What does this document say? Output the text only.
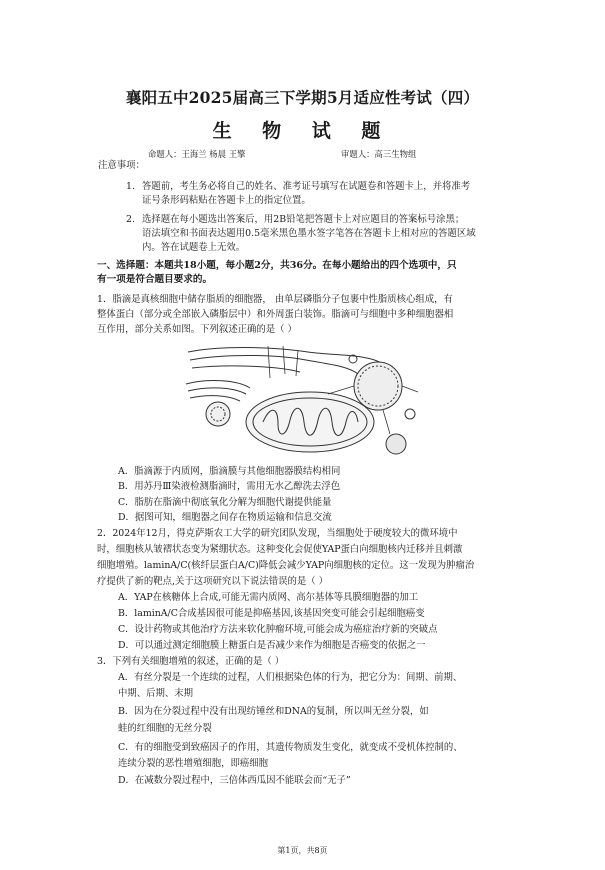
襄阳五中2025届高三下学期5月适应性考试（四）
生 物 试 题
命题人：王海兰 杨晨 王擎	审题人：高三生物组
注意事项：
1. 答题前，考生务必将自己的姓名、准考证号填写在试题卷和答题卡上，并将准考
证号条形码粘贴在答题卡上的指定位置。
2. 选择题在每小题选出答案后，用2B铅笔把答题卡上对应题目的答案标号涂黑；
语法填空和书面表达题用0.5毫米黑色墨水签字笔答在答题卡上相对应的答题区域
内。答在试题卷上无效。
一、选择题：本题共18小题，每小题2分，共36分。在每小题给出的四个选项中，只
有一项是符合题目要求的。
1．脂滴是真核细胞中储存脂质的细胞器， 由单层磷脂分子包裹中性脂质核心组成，有
整体蛋白（部分或全部嵌入磷脂层中）和外周蛋白装饰。脂滴可与细胞中多种细胞器相
互作用，部分关系如图。下列叙述正确的是（ ）
A．脂滴源于内质网，脂滴膜与其他细胞器膜结构相同
B．用苏丹Ⅲ染液检测脂滴时，需用无水乙醇洗去浮色
C．脂肪在脂滴中彻底氧化分解为细胞代谢提供能量
D．据图可知，细胞器之间存在物质运输和信息交流
2．2024年12月，得克萨斯农工大学的研究团队发现，当细胞处于硬度较大的微环境中
时，细胞核从皱褶状态变为紧绷状态。这种变化会促使YAP蛋白向细胞核内迁移并且刺激
细胞增殖。laminA/C(核纤层蛋白A/C)降低会减少YAP向细胞核的定位。这一发现为肿瘤治
疗提供了新的靶点,关于这项研究以下说法错误的是（ ）
A．YAP在核糖体上合成,可能无需内质网、高尔基体等具膜细胞器的加工
B．laminA/C合成基因很可能是抑癌基因,该基因突变可能会引起细胞癌变
C．设计药物或其他治疗方法来软化肿瘤环境,可能会成为癌症治疗新的突破点
D．可以通过测定细胞膜上糖蛋白是否减少来作为细胞是否癌变的依据之一
3．下列有关细胞增殖的叙述，正确的是（ ）
A．有丝分裂是一个连续的过程，人们根据染色体的行为，把它分为：间期、前期、
中期、后期、末期
B．因为在分裂过程中没有出现纺锤丝和DNA的复制，所以叫无丝分裂，如
蛙的红细胞的无丝分裂
C．有的细胞受到致癌因子的作用，其遗传物质发生变化，就变成不受机体控制的、
连续分裂的恶性增殖细胞，即癌细胞
D．在减数分裂过程中，三倍体西瓜因不能联会而“无子”
第1页，共8页
